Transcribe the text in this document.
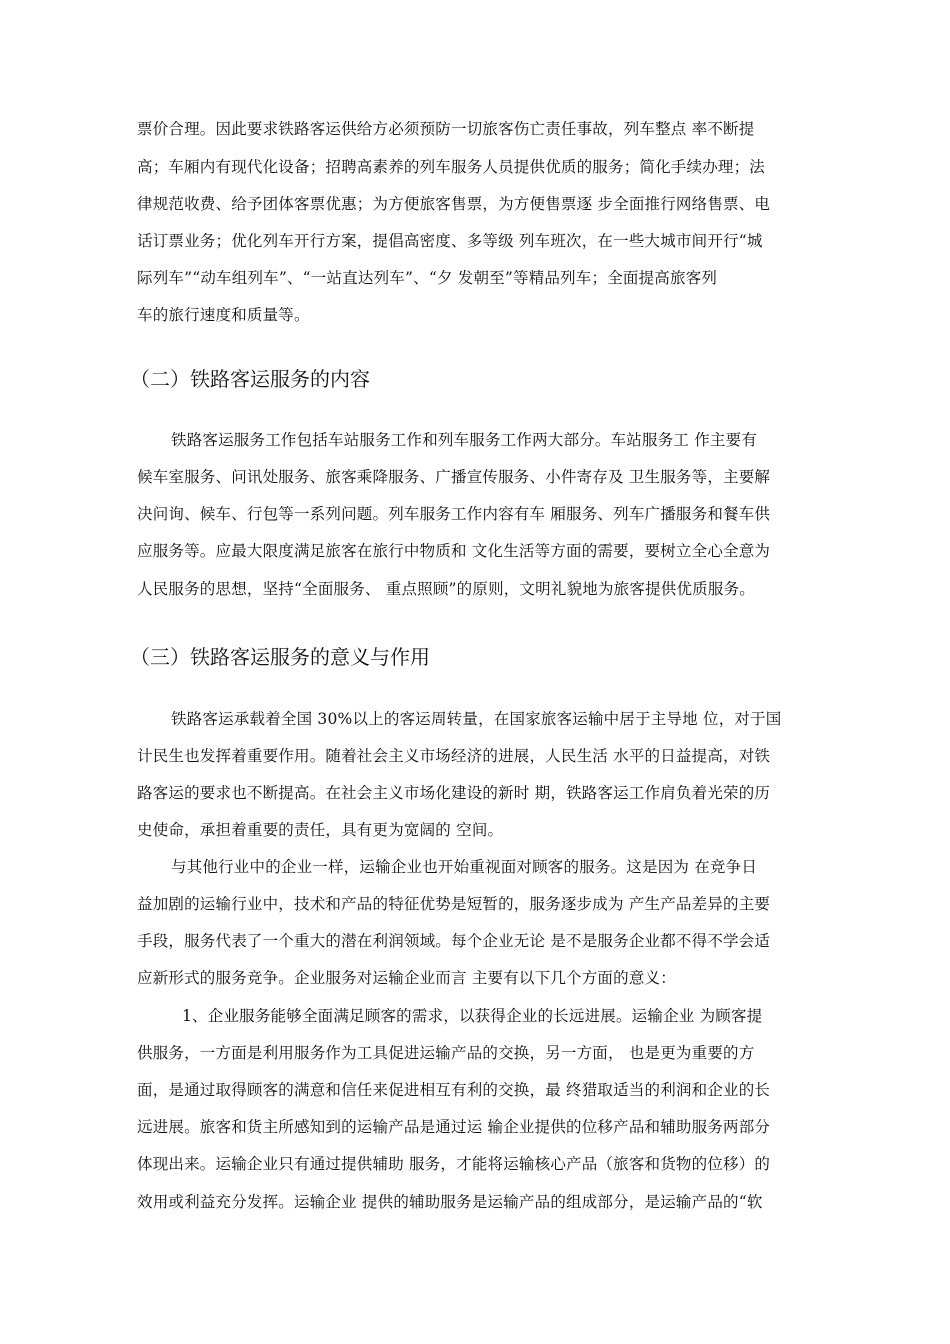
票价合理。因此要求铁路客运供给方必须预防一切旅客伤亡责任事故，列车整点 率不断提
高；车厢内有现代化设备；招聘高素养的列车服务人员提供优质的服务；简化手续办理；法
律规范收费、给予团体客票优惠；为方便旅客售票，为方便售票逐 步全面推行网络售票、电
话订票业务；优化列车开行方案，提倡高密度、多等级 列车班次，在一些大城市间开行“城
际列车”“动车组列车”、“一站直达列车”、“夕 发朝至”等精品列车；全面提高旅客列
车的旅行速度和质量等。
（二）铁路客运服务的内容
铁路客运服务工作包括车站服务工作和列车服务工作两大部分。车站服务工 作主要有
候车室服务、问讯处服务、旅客乘降服务、广播宣传服务、小件寄存及 卫生服务等，主要解
决问询、候车、行包等一系列问题。列车服务工作内容有车 厢服务、列车广播服务和餐车供
应服务等。应最大限度满足旅客在旅行中物质和 文化生活等方面的需要，要树立全心全意为
人民服务的思想，坚持“全面服务、 重点照顾”的原则，文明礼貌地为旅客提供优质服务。
（三）铁路客运服务的意义与作用
铁路客运承载着全国 30%以上的客运周转量，在国家旅客运输中居于主导地 位，对于国
计民生也发挥着重要作用。随着社会主义市场经济的进展，人民生活 水平的日益提高，对铁
路客运的要求也不断提高。在社会主义市场化建设的新时 期，铁路客运工作肩负着光荣的历
史使命，承担着重要的责任，具有更为宽阔的 空间。
与其他行业中的企业一样，运输企业也开始重视面对顾客的服务。这是因为 在竞争日
益加剧的运输行业中，技术和产品的特征优势是短暂的，服务逐步成为 产生产品差异的主要
手段，服务代表了一个重大的潜在利润领域。每个企业无论 是不是服务企业都不得不学会适
应新形式的服务竞争。企业服务对运输企业而言 主要有以下几个方面的意义：
1、企业服务能够全面满足顾客的需求，以获得企业的长远进展。运输企业 为顾客提
供服务，一方面是利用服务作为工具促进运输产品的交换，另一方面， 也是更为重要的方
面，是通过取得顾客的满意和信任来促进相互有利的交换，最 终猎取适当的利润和企业的长
远进展。旅客和货主所感知到的运输产品是通过运 输企业提供的位移产品和辅助服务两部分
体现出来。运输企业只有通过提供辅助 服务，才能将运输核心产品（旅客和货物的位移）的
效用或利益充分发挥。运输企业 提供的辅助服务是运输产品的组成部分，是运输产品的“软
